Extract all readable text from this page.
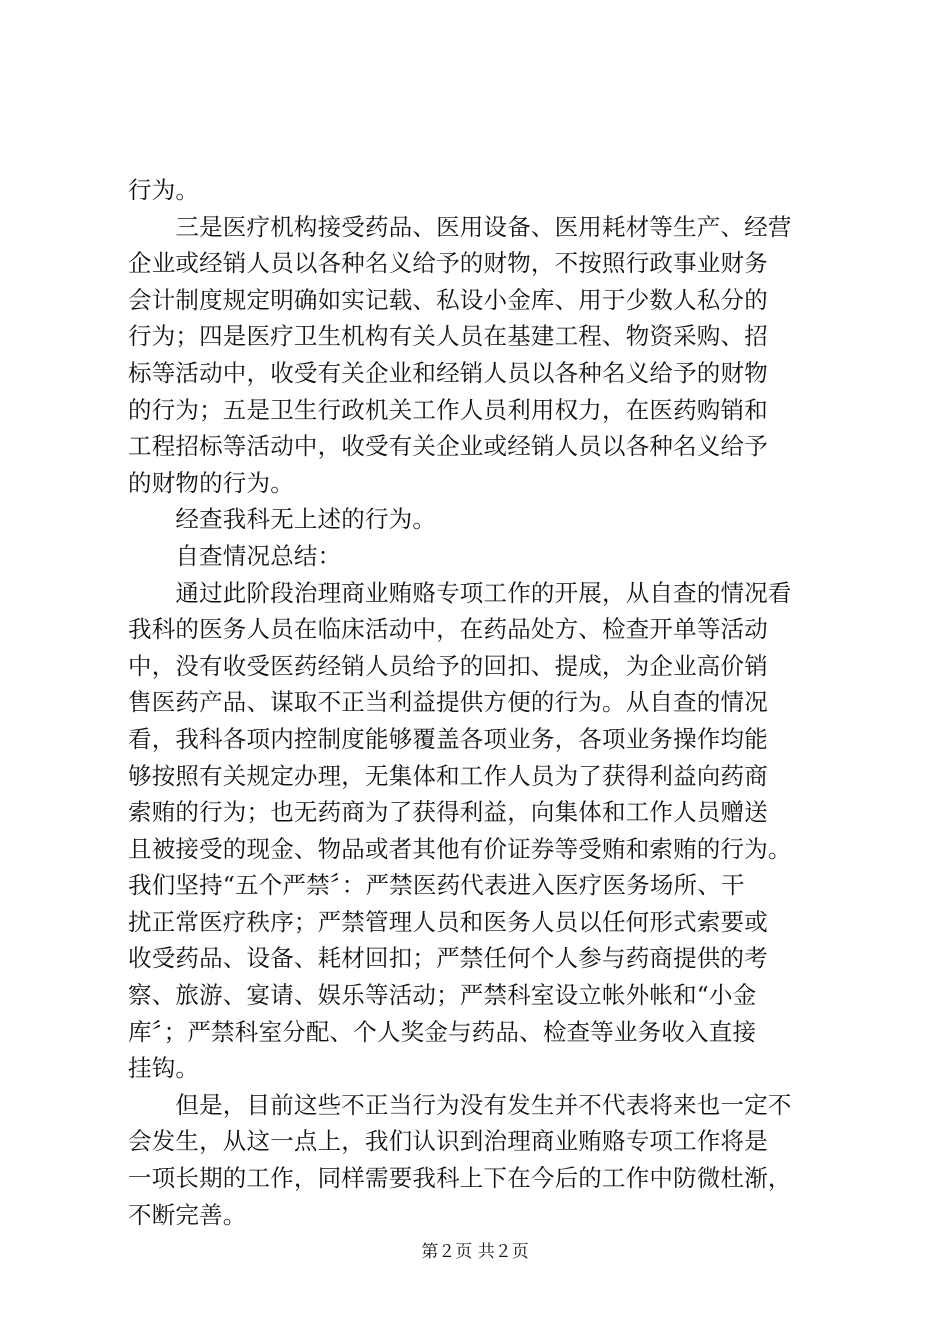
行为。
　　三是医疗机构接受药品、医用设备、医用耗材等生产、经营
企业或经销人员以各种名义给予的财物，不按照行政事业财务
会计制度规定明确如实记载、私设小金库、用于少数人私分的
行为；四是医疗卫生机构有关人员在基建工程、物资采购、招
标等活动中，收受有关企业和经销人员以各种名义给予的财物
的行为；五是卫生行政机关工作人员利用权力，在医药购销和
工程招标等活动中，收受有关企业或经销人员以各种名义给予
的财物的行为。
　　经查我科无上述的行为。
　　自查情况总结：
　　通过此阶段治理商业贿赂专项工作的开展，从自查的情况看
我科的医务人员在临床活动中，在药品处方、检查开单等活动
中，没有收受医药经销人员给予的回扣、提成，为企业高价销
售医药产品、谋取不正当利益提供方便的行为。从自查的情况
看，我科各项内控制度能够覆盖各项业务，各项业务操作均能
够按照有关规定办理，无集体和工作人员为了获得利益向药商
索贿的行为；也无药商为了获得利益，向集体和工作人员赠送
且被接受的现金、物品或者其他有价证券等受贿和索贿的行为。
我们坚持“五个严禁〞：严禁医药代表进入医疗医务场所、干
扰正常医疗秩序；严禁管理人员和医务人员以任何形式索要或
收受药品、设备、耗材回扣；严禁任何个人参与药商提供的考
察、旅游、宴请、娱乐等活动；严禁科室设立帐外帐和“小金
库〞；严禁科室分配、个人奖金与药品、检查等业务收入直接
挂钩。
　　但是，目前这些不正当行为没有发生并不代表将来也一定不
会发生，从这一点上，我们认识到治理商业贿赂专项工作将是
一项长期的工作，同样需要我科上下在今后的工作中防微杜渐，
不断完善。
第２页 共２页
